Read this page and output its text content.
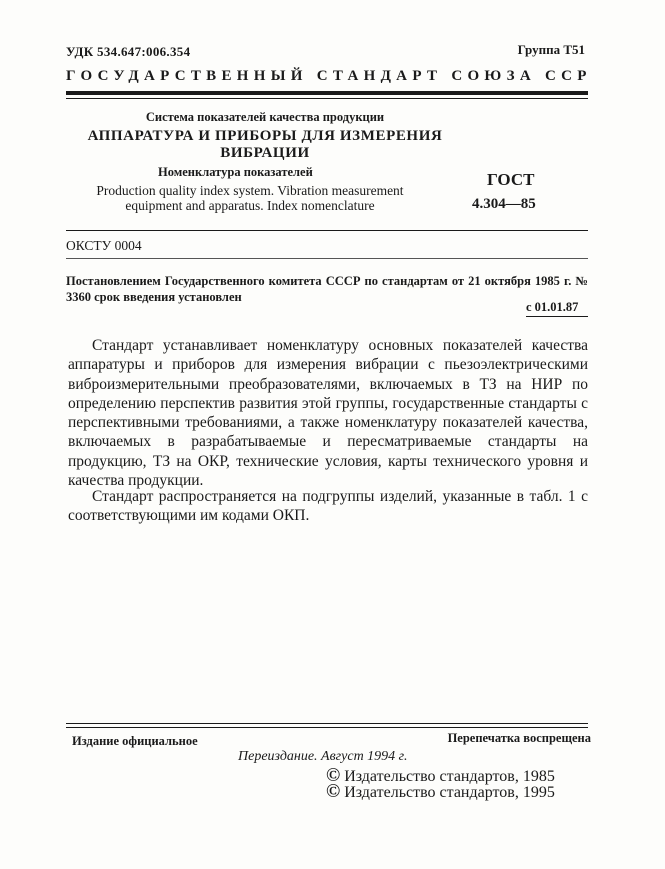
УДК 534.647:006.354	Группа Т51
ГОСУДАРСТВЕННЫЙ СТАНДАРТ СОЮЗА ССР
Система показателей качества продукции
АППАРАТУРА И ПРИБОРЫ ДЛЯ ИЗМЕРЕНИЯ ВИБРАЦИИ
Номенклатура показателей
Production quality index system. Vibration measurement equipment and apparatus. Index nomenclature
ГОСТ
4.304—85
ОКСТУ 0004
Постановлением Государственного комитета СССР по стандартам от 21 октября 1985 г. № 3360 срок введения установлен
с 01.01.87
Стандарт устанавливает номенклатуру основных показателей качества аппаратуры и приборов для измерения вибрации с пьезоэлектрическими виброизмерительными преобразователями, включаемых в ТЗ на НИР по определению перспектив развития этой группы, государственные стандарты с перспективными требованиями, а также номенклатуру показателей качества, включаемых в разрабатываемые и пересматриваемые стандарты на продукцию, ТЗ на ОКР, технические условия, карты технического уровня и качества продукции.
Стандарт распространяется на подгруппы изделий, указанные в табл. 1 с соответствующими им кодами ОКП.
Издание официальное	Перепечатка воспрещена
Переиздание. Август 1994 г.
© Издательство стандартов, 1985
© Издательство стандартов, 1995
